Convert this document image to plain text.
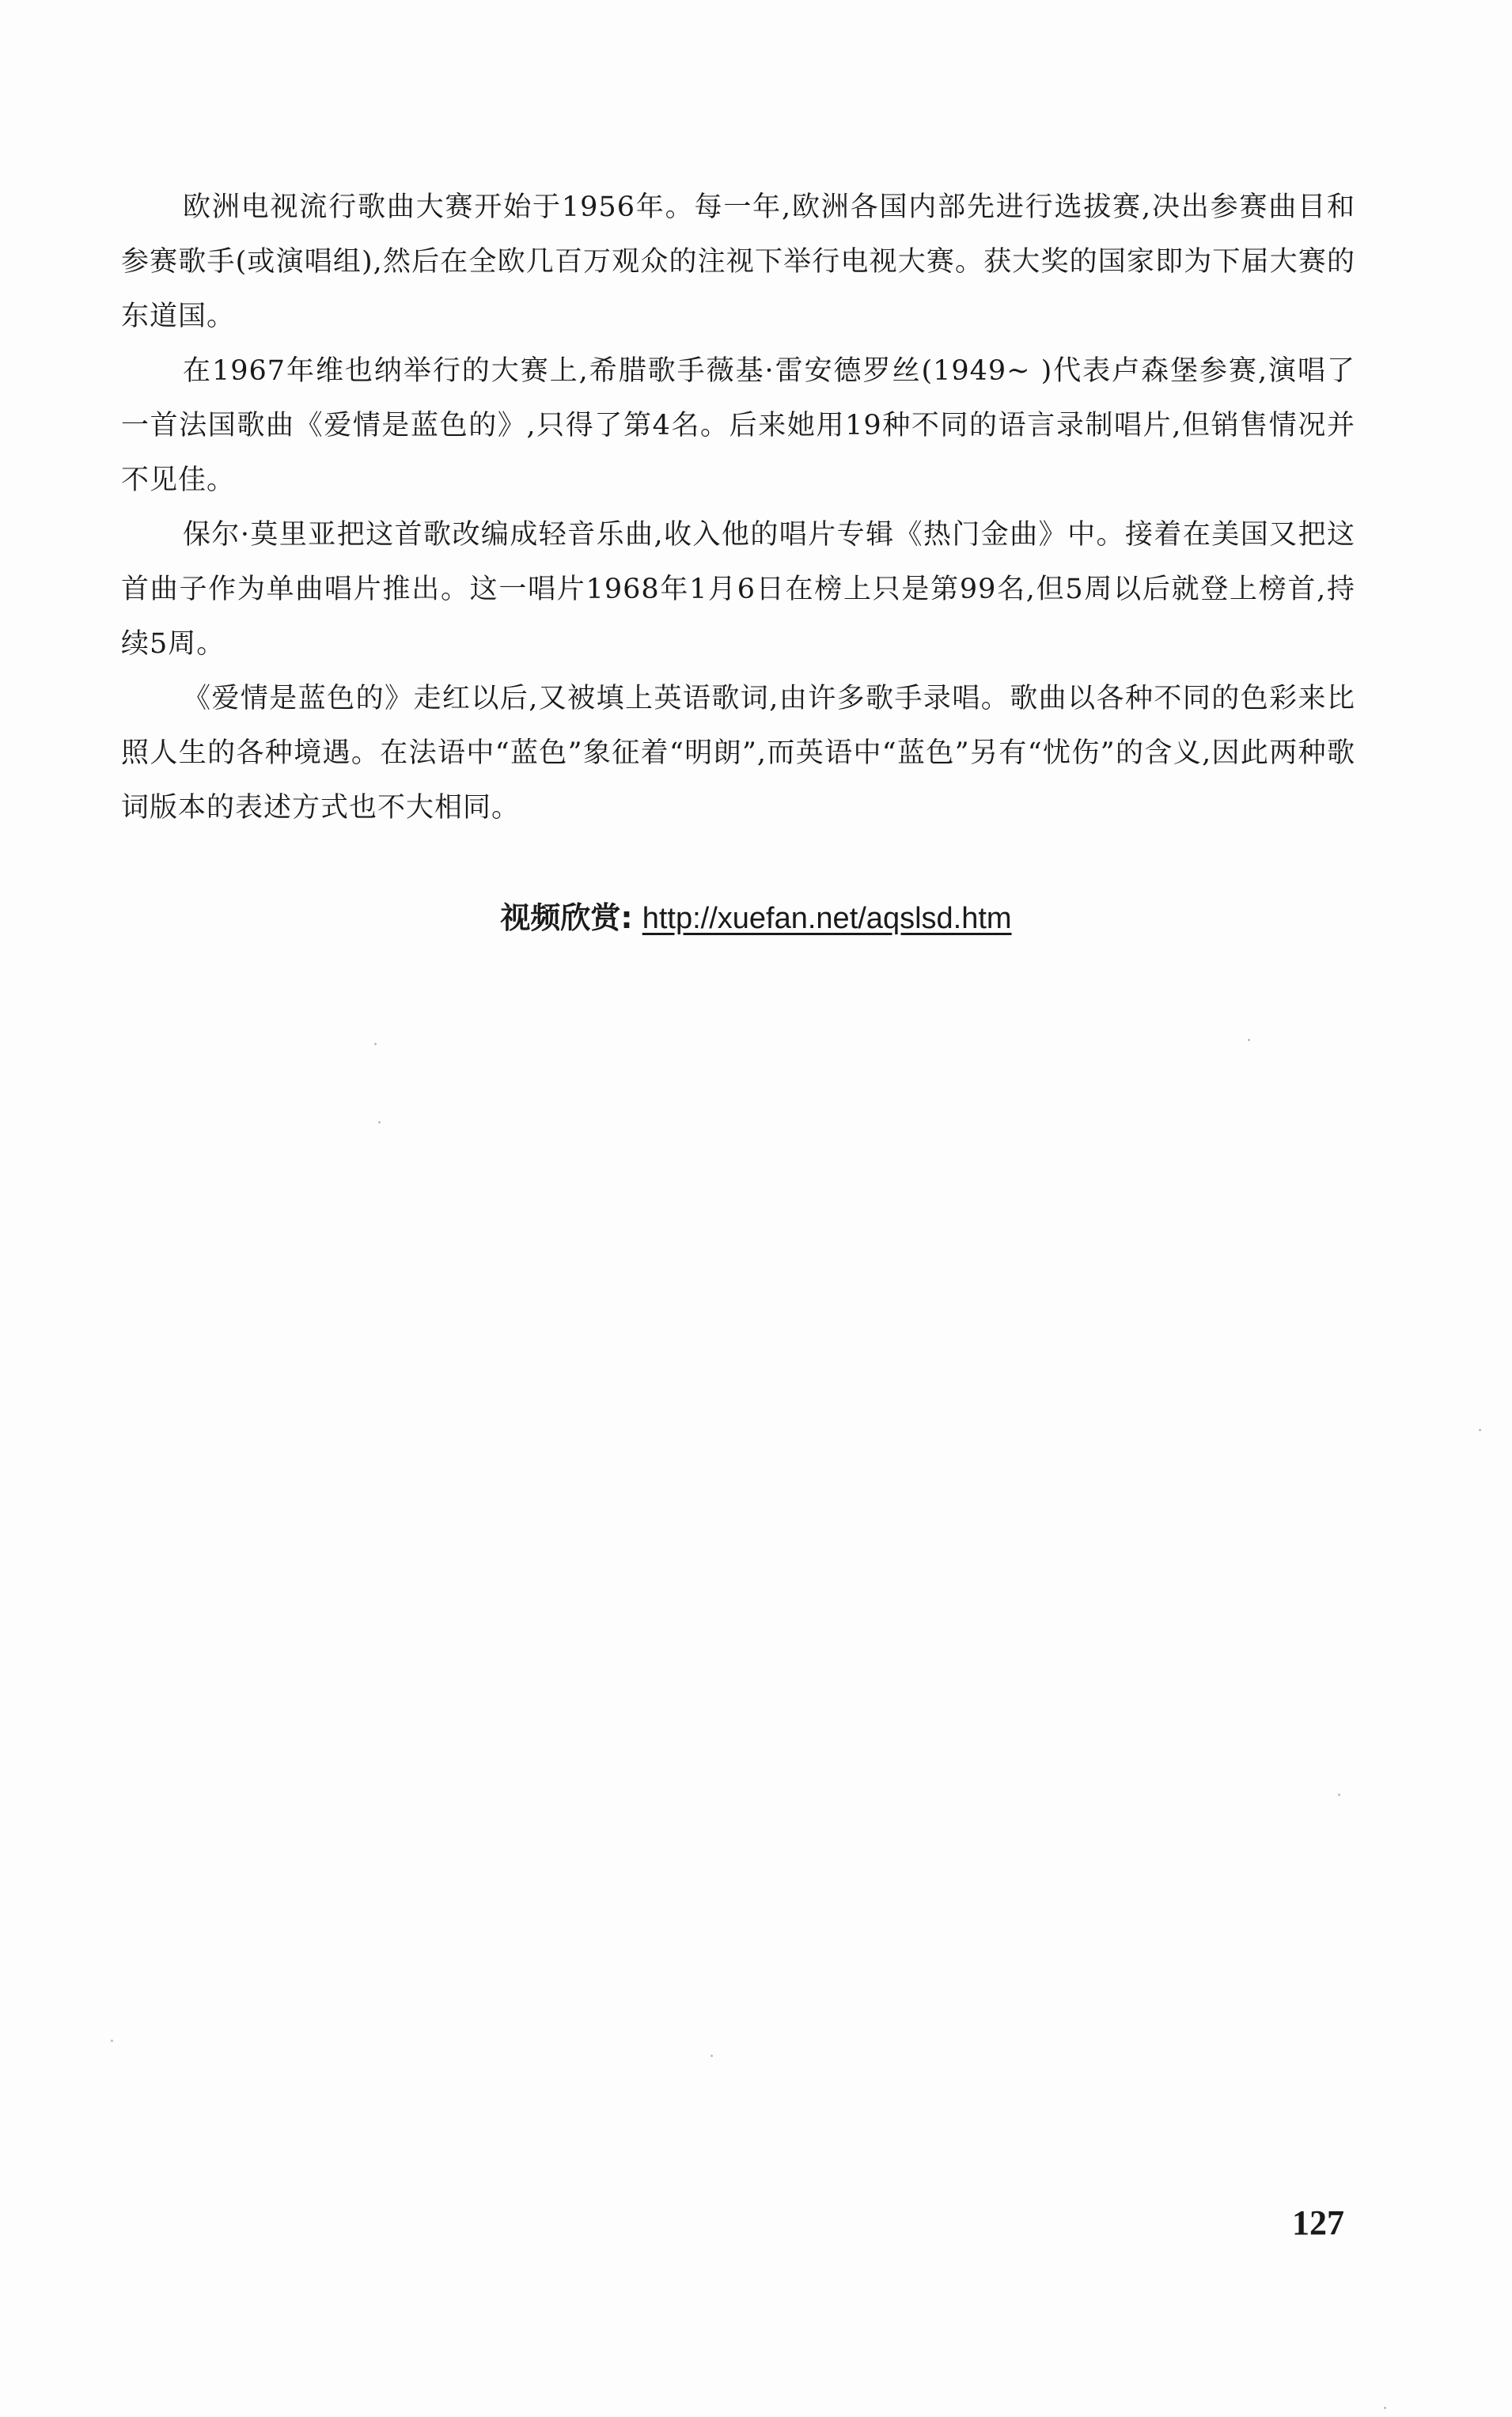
欧洲电视流行歌曲大赛开始于1956年。每一年,欧洲各国内部先进行选拔赛,决出参赛曲目和参赛歌手(或演唱组),然后在全欧几百万观众的注视下举行电视大赛。获大奖的国家即为下届大赛的东道国。

在1967年维也纳举行的大赛上,希腊歌手薇基·雷安德罗丝(1949~ )代表卢森堡参赛,演唱了一首法国歌曲《爱情是蓝色的》,只得了第4名。后来她用19种不同的语言录制唱片,但销售情况并不见佳。

保尔·莫里亚把这首歌改编成轻音乐曲,收入他的唱片专辑《热门金曲》中。接着在美国又把这首曲子作为单曲唱片推出。这一唱片1968年1月6日在榜上只是第99名,但5周以后就登上榜首,持续5周。

《爱情是蓝色的》走红以后,又被填上英语歌词,由许多歌手录唱。歌曲以各种不同的色彩来比照人生的各种境遇。在法语中“蓝色”象征着“明朗”,而英语中“蓝色”另有“忧伤”的含义,因此两种歌词版本的表述方式也不大相同。

视频欣赏: http://xuefan.net/aqslsd.htm
127
